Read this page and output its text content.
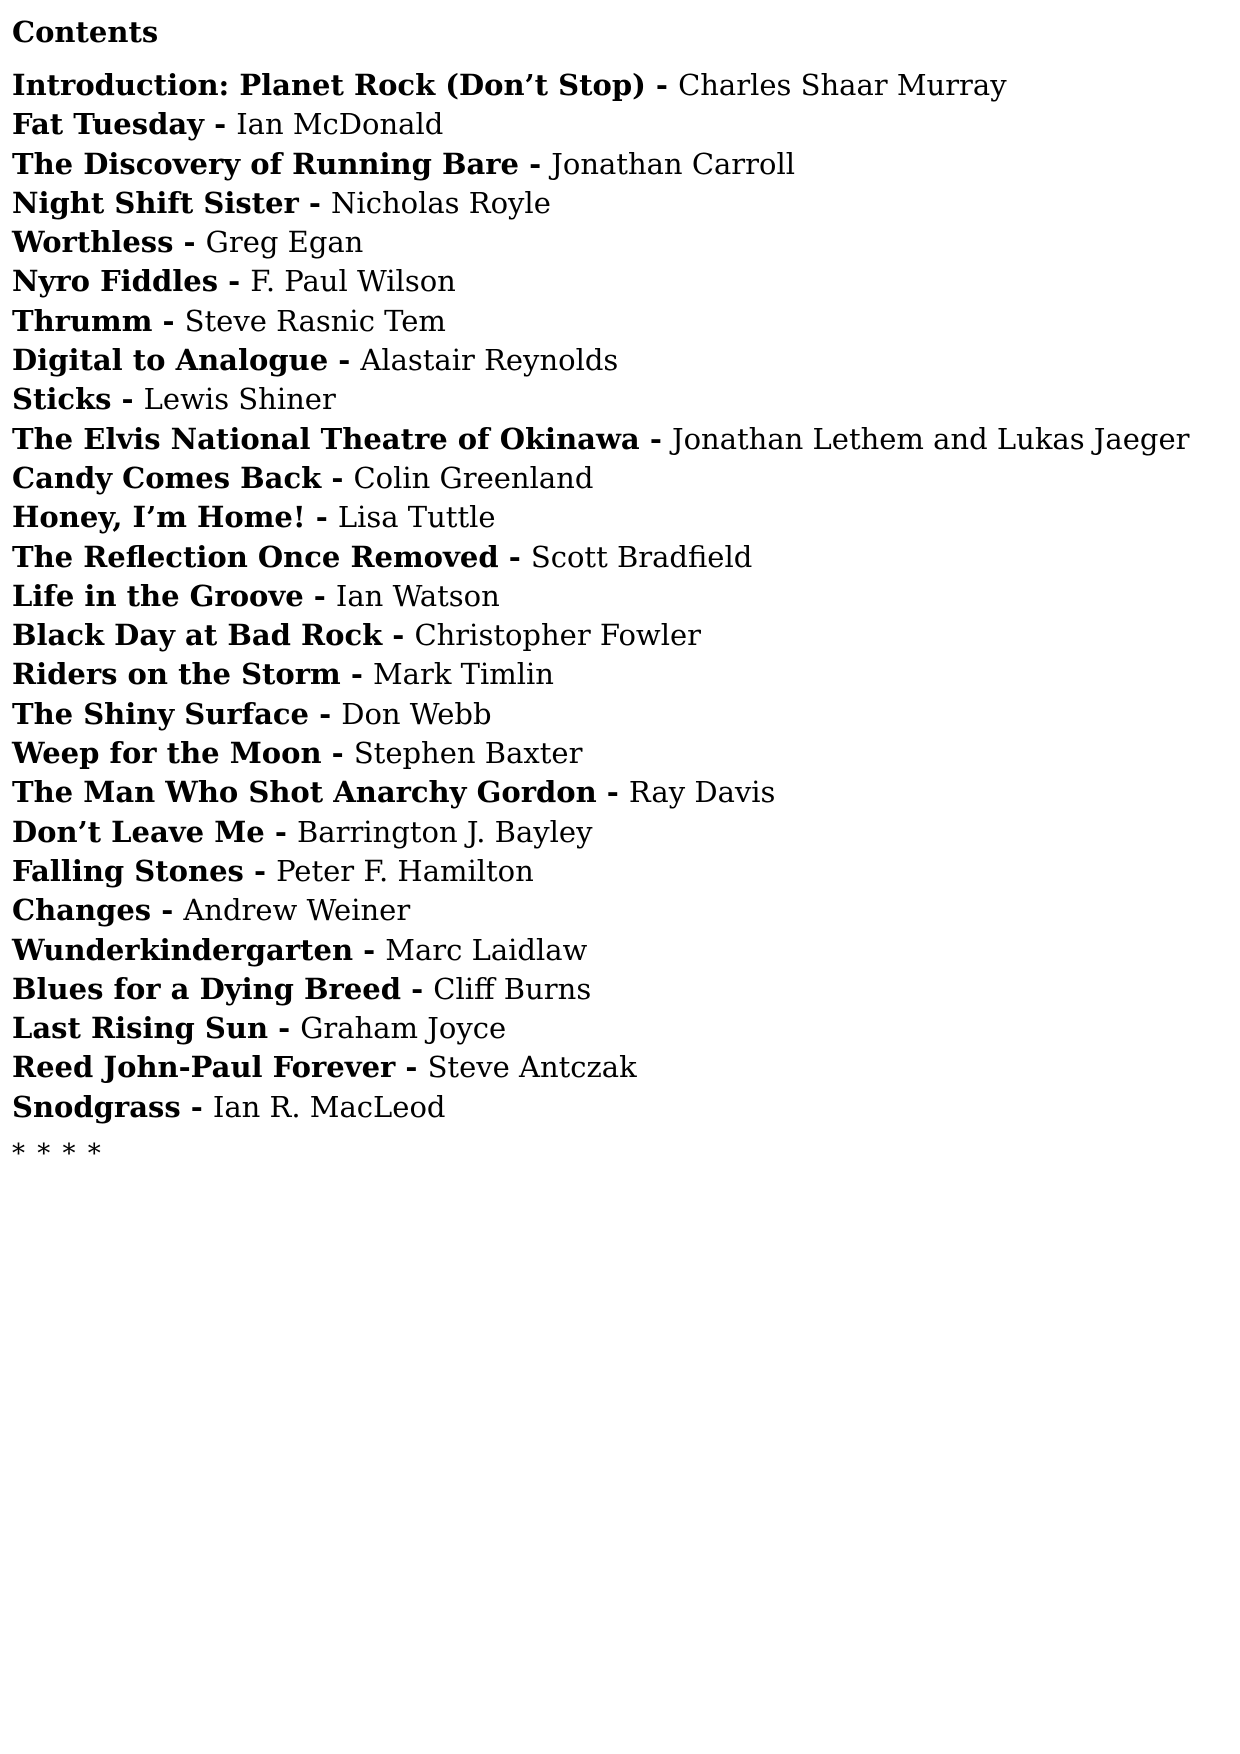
Contents
Introduction: Planet Rock (Don’t Stop) - Charles Shaar Murray
Fat Tuesday - Ian McDonald
The Discovery of Running Bare - Jonathan Carroll
Night Shift Sister - Nicholas Royle
Worthless - Greg Egan
Nyro Fiddles - F. Paul Wilson
Thrumm - Steve Rasnic Tem
Digital to Analogue - Alastair Reynolds
Sticks - Lewis Shiner
The Elvis National Theatre of Okinawa - Jonathan Lethem and Lukas Jaeger
Candy Comes Back - Colin Greenland
Honey, I’m Home! - Lisa Tuttle
The Reflection Once Removed - Scott Bradfield
Life in the Groove - Ian Watson
Black Day at Bad Rock - Christopher Fowler
Riders on the Storm - Mark Timlin
The Shiny Surface - Don Webb
Weep for the Moon - Stephen Baxter
The Man Who Shot Anarchy Gordon - Ray Davis
Don’t Leave Me - Barrington J. Bayley
Falling Stones - Peter F. Hamilton
Changes - Andrew Weiner
Wunderkindergarten - Marc Laidlaw
Blues for a Dying Breed - Cliff Burns
Last Rising Sun - Graham Joyce
Reed John-Paul Forever - Steve Antczak
Snodgrass - Ian R. MacLeod
* * * *
